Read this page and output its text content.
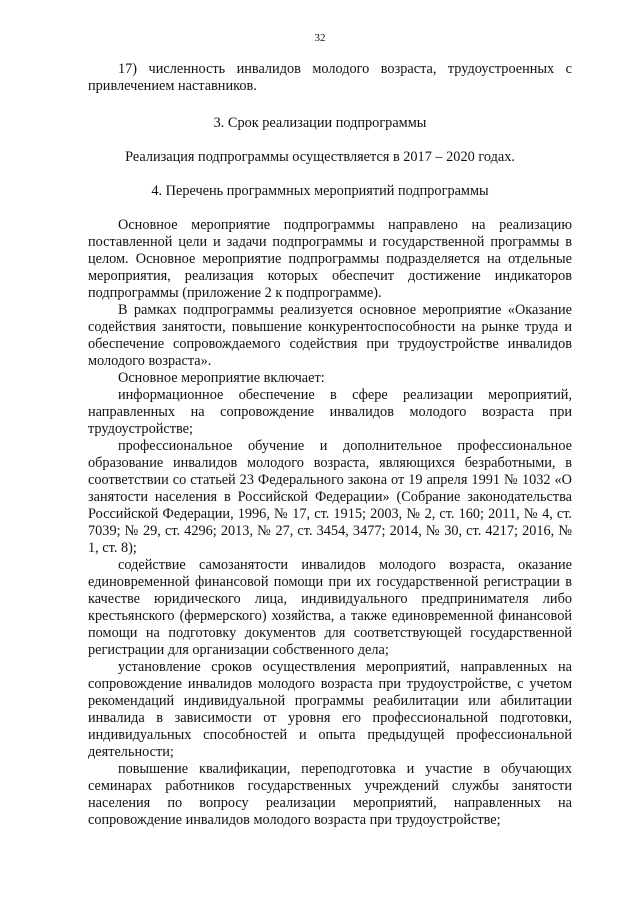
32

17) численность инвалидов молодого возраста, трудоустроенных с привлечением наставников.

3. Срок реализации подпрограммы
Реализация подпрограммы осуществляется в 2017 – 2020 годах.
4. Перечень программных мероприятий подпрограммы

Основное мероприятие подпрограммы направлено на реализацию поставленной цели и задачи подпрограммы и государственной программы в целом. Основное мероприятие подпрограммы подразделяется на отдельные мероприятия, реализация которых обеспечит достижение индикаторов подпрограммы (приложение 2 к подпрограмме).

В рамках подпрограммы реализуется основное мероприятие «Оказание содействия занятости, повышение конкурентоспособности на рынке труда и обеспечение сопровождаемого содействия при трудоустройстве инвалидов молодого возраста».

Основное мероприятие включает:

информационное обеспечение в сфере реализации мероприятий, направленных на сопровождение инвалидов молодого возраста при трудоустройстве;

профессиональное обучение и дополнительное профессиональное образование инвалидов молодого возраста, являющихся безработными, в соответствии со статьей 23 Федерального закона от 19 апреля 1991 № 1032 «О занятости населения в Российской Федерации» (Собрание законодательства Российской Федерации, 1996, № 17, ст. 1915; 2003, № 2, ст. 160; 2011, № 4, ст. 7039; № 29, ст. 4296; 2013, № 27, ст. 3454, 3477; 2014, № 30, ст. 4217; 2016, № 1, ст. 8);

содействие самозанятости инвалидов молодого возраста, оказание единовременной финансовой помощи при их государственной регистрации в качестве юридического лица, индивидуального предпринимателя либо крестьянского (фермерского) хозяйства, а также единовременной финансовой помощи на подготовку документов для соответствующей государственной регистрации для организации собственного дела;

установление сроков осуществления мероприятий, направленных на сопровождение инвалидов молодого возраста при трудоустройстве, с учетом рекомендаций индивидуальной программы реабилитации или абилитации инвалида в зависимости от уровня его профессиональной подготовки, индивидуальных способностей и опыта предыдущей профессиональной деятельности;

повышение квалификации, переподготовка и участие в обучающих семинарах работников государственных учреждений службы занятости населения по вопросу реализации мероприятий, направленных на сопровождение инвалидов молодого возраста при трудоустройстве;
